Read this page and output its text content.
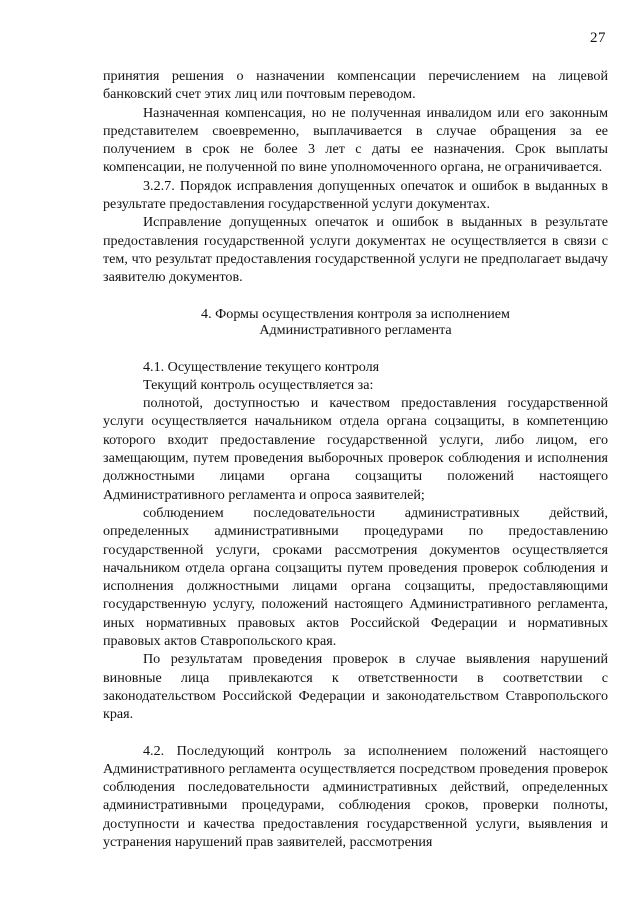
27

принятия решения о назначении компенсации перечислением на лицевой банковский счет этих лиц или почтовым переводом.

Назначенная компенсация, но не полученная инвалидом или его законным представителем своевременно, выплачивается в случае обращения за ее получением в срок не более 3 лет с даты ее назначения. Срок выплаты компенсации, не полученной по вине уполномоченного органа, не ограничивается.

3.2.7. Порядок исправления допущенных опечаток и ошибок в выданных в результате предоставления государственной услуги документах.

Исправление допущенных опечаток и ошибок в выданных в результате предоставления государственной услуги документах не осуществляется в связи с тем, что результат предоставления государственной услуги не предполагает выдачу заявителю документов.

4. Формы осуществления контроля за исполнением
Административного регламента

4.1. Осуществление текущего контроля

Текущий контроль осуществляется за:

полнотой, доступностью и качеством предоставления государственной услуги осуществляется начальником отдела органа соцзащиты, в компетенцию которого входит предоставление государственной услуги, либо лицом, его замещающим, путем проведения выборочных проверок соблюдения и исполнения должностными лицами органа соцзащиты положений настоящего Административного регламента и опроса заявителей;

соблюдением последовательности административных действий, определенных административными процедурами по предоставлению государственной услуги, сроками рассмотрения документов осуществляется начальником отдела органа соцзащиты путем проведения проверок соблюдения и исполнения должностными лицами органа соцзащиты, предоставляющими государственную услугу, положений настоящего Административного регламента, иных нормативных правовых актов Российской Федерации и нормативных правовых актов Ставропольского края.

По результатам проведения проверок в случае выявления нарушений виновные лица привлекаются к ответственности в соответствии с законодательством Российской Федерации и законодательством Ставропольского края.

4.2. Последующий контроль за исполнением положений настоящего Административного регламента осуществляется посредством проведения проверок соблюдения последовательности административных действий, определенных административными процедурами, соблюдения сроков, проверки полноты, доступности и качества предоставления государственной услуги, выявления и устранения нарушений прав заявителей, рассмотрения
